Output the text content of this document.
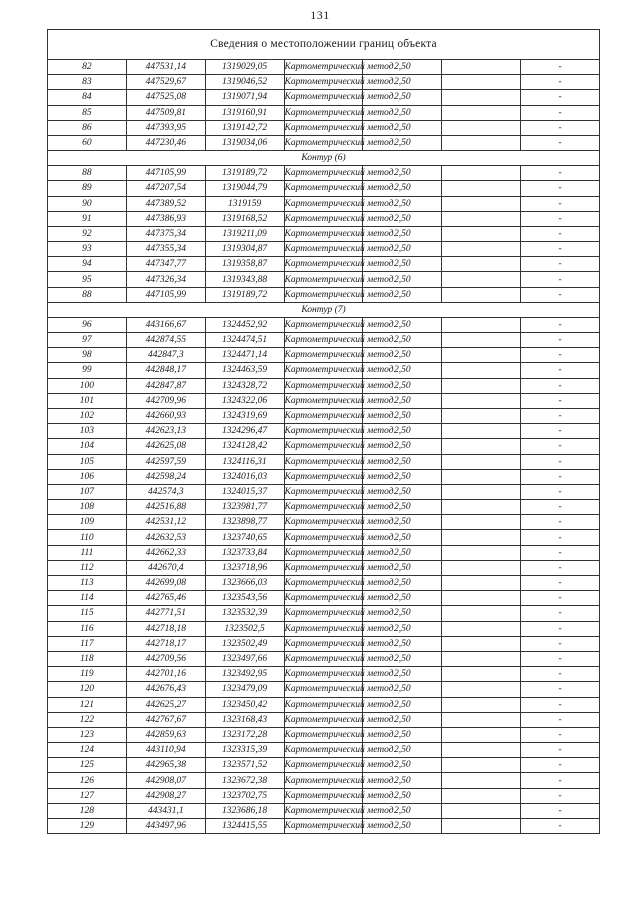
131
Сведения о местоположении границ объекта						
82	447531,14	1319029,05	Картометрический метод	2,50		-
83	447529,67	1319046,52	Картометрический метод	2,50		-
84	447525,08	1319071,94	Картометрический метод	2,50		-
85	447509,81	1319160,91	Картометрический метод	2,50		-
86	447393,95	1319142,72	Картометрический метод	2,50		-
60	447230,46	1319034,06	Картометрический метод	2,50		-
Контур (6)						
88	447105,99	1319189,72	Картометрический метод	2,50		-
89	447207,54	1319044,79	Картометрический метод	2,50		-
90	447389,52	1319159	Картометрический метод	2,50		-
91	447386,93	1319168,52	Картометрический метод	2,50		-
92	447375,34	1319211,09	Картометрический метод	2,50		-
93	447355,34	1319304,87	Картометрический метод	2,50		-
94	447347,77	1319358,87	Картометрический метод	2,50		-
95	447326,34	1319343,88	Картометрический метод	2,50		-
88	447105,99	1319189,72	Картометрический метод	2,50		-
Контур (7)						
96	443166,67	1324452,92	Картометрический метод	2,50		-
97	442874,55	1324474,51	Картометрический метод	2,50		-
98	442847,3	1324471,14	Картометрический метод	2,50		-
99	442848,17	1324463,59	Картометрический метод	2,50		-
100	442847,87	1324328,72	Картометрический метод	2,50		-
101	442709,96	1324322,06	Картометрический метод	2,50		-
102	442660,93	1324319,69	Картометрический метод	2,50		-
103	442623,13	1324296,47	Картометрический метод	2,50		-
104	442625,08	1324128,42	Картометрический метод	2,50		-
105	442597,59	1324116,31	Картометрический метод	2,50		-
106	442598,24	1324016,03	Картометрический метод	2,50		-
107	442574,3	1324015,37	Картометрический метод	2,50		-
108	442516,88	1323981,77	Картометрический метод	2,50		-
109	442531,12	1323898,77	Картометрический метод	2,50		-
110	442632,53	1323740,65	Картометрический метод	2,50		-
111	442662,33	1323733,84	Картометрический метод	2,50		-
112	442670,4	1323718,96	Картометрический метод	2,50		-
113	442699,08	1323666,03	Картометрический метод	2,50		-
114	442765,46	1323543,56	Картометрический метод	2,50		-
115	442771,51	1323532,39	Картометрический метод	2,50		-
116	442718,18	1323502,5	Картометрический метод	2,50		-
117	442718,17	1323502,49	Картометрический метод	2,50		-
118	442709,56	1323497,66	Картометрический метод	2,50		-
119	442701,16	1323492,95	Картометрический метод	2,50		-
120	442676,43	1323479,09	Картометрический метод	2,50		-
121	442625,27	1323450,42	Картометрический метод	2,50		-
122	442767,67	1323168,43	Картометрический метод	2,50		-
123	442859,63	1323172,28	Картометрический метод	2,50		-
124	443110,94	1323315,39	Картометрический метод	2,50		-
125	442965,38	1323571,52	Картометрический метод	2,50		-
126	442908,07	1323672,38	Картометрический метод	2,50		-
127	442908,27	1323702,75	Картометрический метод	2,50		-
128	443431,1	1323686,18	Картометрический метод	2,50		-
129	443497,96	1324415,55	Картометрический метод	2,50		-
